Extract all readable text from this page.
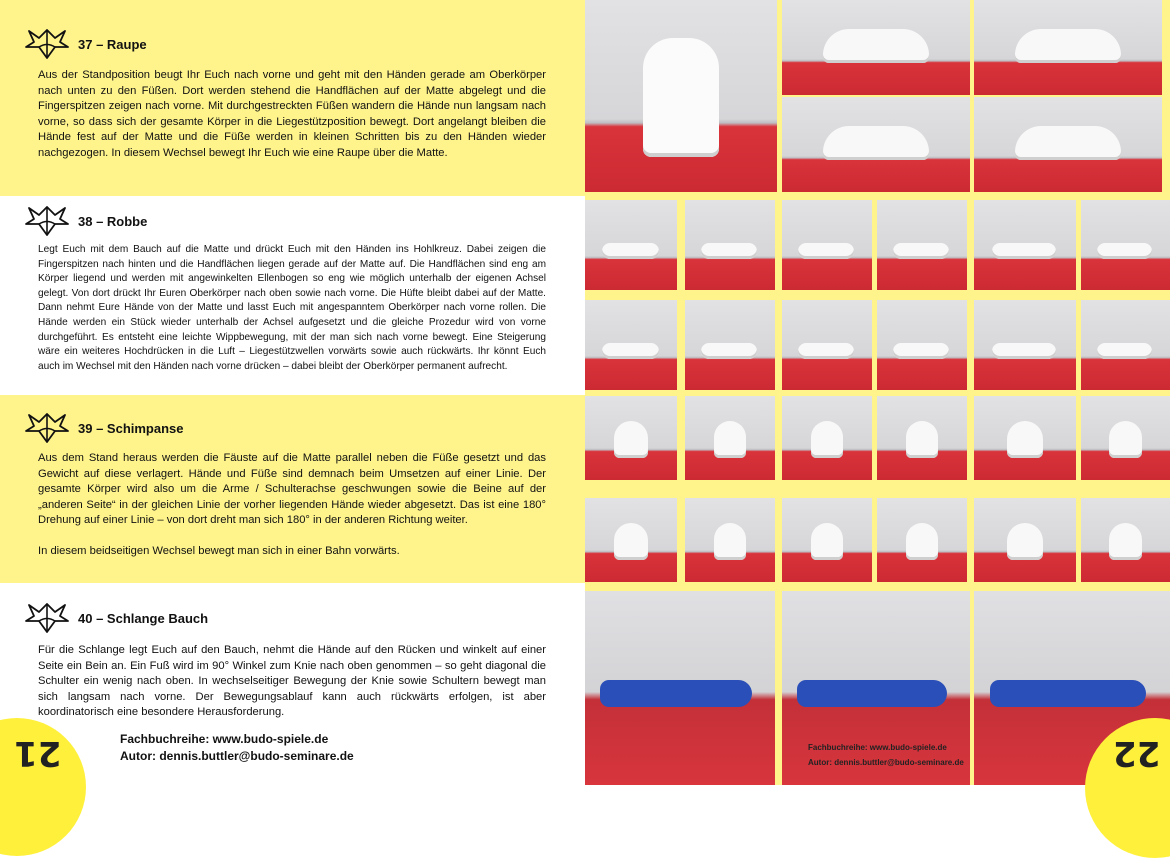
37 – Raupe

Aus der Standposition beugt Ihr Euch nach vorne und geht mit den Händen gerade am Oberkörper nach unten zu den Füßen. Dort werden stehend die Handflächen auf der Matte abgelegt und die Fingerspitzen zeigen nach vorne. Mit durchgestreckten Füßen wandern die Hände nun langsam nach vorne, so dass sich der gesamte Körper in die Liegestützposition bewegt. Dort angelangt bleiben die Hände fest auf der Matte und die Füße werden in kleinen Schritten bis zu den Händen wieder nachgezogen. In diesem Wechsel bewegt Ihr Euch wie eine Raupe über die Matte.

38 – Robbe

Legt Euch mit dem Bauch auf die Matte und drückt Euch mit den Händen ins Hohlkreuz. Dabei zeigen die Fingerspitzen nach hinten und die Handflächen liegen gerade auf der Matte auf. Die Handflächen sind eng am Körper liegend und werden mit angewinkelten Ellenbogen so eng wie möglich unterhalb der eigenen Achsel gelegt. Von dort drückt Ihr Euren Oberkörper nach oben sowie nach vorne. Die Hüfte bleibt dabei auf der Matte. Dann nehmt Eure Hände von der Matte und lasst Euch mit angespanntem Oberkörper nach vorne rollen. Die Hände werden ein Stück wieder unterhalb der Achsel aufgesetzt und die gleiche Prozedur wird von vorne durchgeführt. Es entsteht eine leichte Wippbewegung, mit der man sich nach vorne bewegt. Eine Steigerung wäre ein weiteres Hochdrücken in die Luft – Liegestützwellen vorwärts sowie auch rückwärts. Ihr könnt Euch auch im Wechsel mit den Händen nach vorne drücken – dabei bleibt der Oberkörper permanent aufrecht.

39 – Schimpanse

Aus dem Stand heraus werden die Fäuste auf die Matte parallel neben die Füße gesetzt und das Gewicht auf diese verlagert. Hände und Füße sind demnach beim Umsetzen auf einer Linie. Der gesamte Körper wird also um die Arme / Schulterachse geschwungen sowie die Beine auf der „anderen Seite“ in der gleichen Linie der vorher liegenden Hände wieder abgesetzt. Das ist eine 180° Drehung auf einer Linie – von dort dreht man sich 180° in der anderen Richtung weiter.

In diesem beidseitigen Wechsel bewegt man sich in einer Bahn vorwärts.

40 – Schlange Bauch

Für die Schlange legt Euch auf den Bauch, nehmt die Hände auf den Rücken und winkelt auf einer Seite ein Bein an. Ein Fuß wird im 90° Winkel zum Knie nach oben genommen – so geht diagonal die Schulter ein wenig nach oben. In wechselseitiger Bewegung der Knie sowie Schultern bewegt man sich langsam nach vorne. Der Bewegungsablauf kann auch rückwärts erfolgen, ist aber koordinatorisch eine besondere Herausforderung.

Fachbuchreihe: www.budo-spiele.de
Autor: dennis.buttler@budo-seminare.de
21	Fachbuchreihe: www.budo-spiele.de
Autor: dennis.buttler@budo-seminare.de	22
